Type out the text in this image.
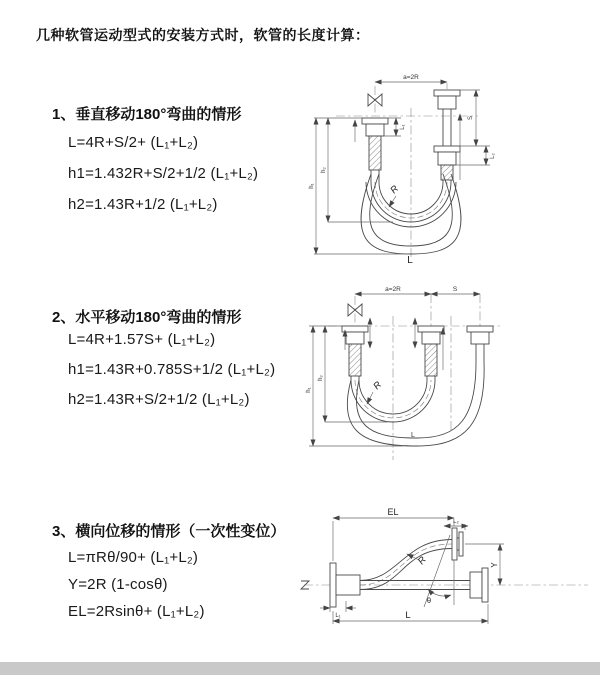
几种软管运动型式的安装方式时，软管的长度计算：
1、垂直移动180°弯曲的情形
L=4R+S/2+ (L₁+L₂)
h1=1.432R+S/2+1/2 (L₁+L₂)
h2=1.43R+1/2 (L₁+L₂)
2、水平移动180°弯曲的情形
L=4R+1.57S+ (L₁+L₂)
h1=1.43R+0.785S+1/2 (L₁+L₂)
h2=1.43R+S/2+1/2 (L₁+L₂)
3、横向位移的情形（一次性变位）
L=πRθ/90+ (L₁+L₂)
Y=2R (1-cosθ)
EL=2Rsinθ+ (L₁+L₂)
a=2R
h₁
h₂
L₁
S
L₂
R
L
a=2R	S
h₁
h₂
R
L
EL
L₂
Y
θ
R
L₁	L
